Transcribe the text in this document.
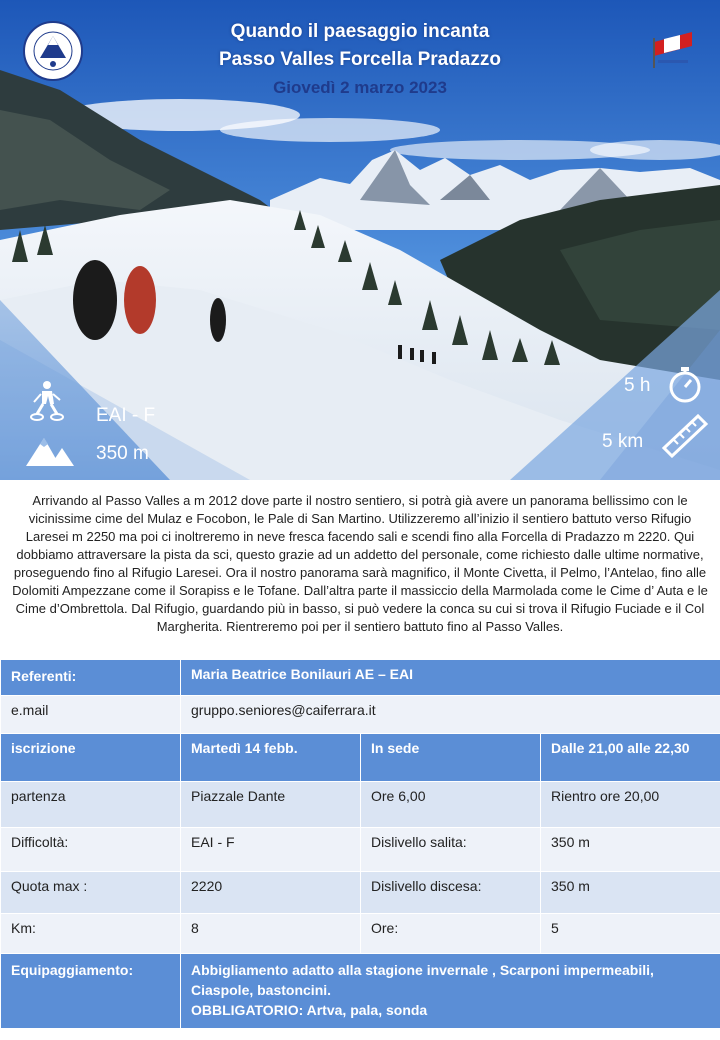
Quando il paesaggio incanta
Passo Valles Forcella Pradazzo
Giovedì 2 marzo 2023
EAI - F
350 m
5 h
5 km

Arrivando al Passo Valles a m 2012 dove parte il nostro sentiero, si potrà già avere un panorama bellissimo con le vicinissime cime del Mulaz e Focobon, le Pale di San Martino. Utilizzeremo all’inizio il sentiero battuto verso Rifugio Laresei m 2250 ma poi ci inoltreremo in neve fresca facendo sali e scendi fino alla Forcella di Pradazzo m 2220. Qui dobbiamo attraversare la pista da sci, questo grazie ad un addetto del personale, come richiesto dalle ultime normative, proseguendo fino al Rifugio Laresei. Ora il nostro panorama sarà magnifico, il Monte Civetta, il Pelmo, l’Antelao, fino alle Dolomiti Ampezzane come il Sorapiss e le Tofane. Dall’altra parte il massiccio della Marmolada come le Cime d’ Auta e le Cime d’Ombrettola. Dal Rifugio, guardando più in basso, si può vedere la conca su cui si trova il Rifugio Fuciade e il Col Margherita. Rientreremo poi per il sentiero battuto fino al Passo Valles.

Referenti:	Maria Beatrice Bonilauri AE – EAI		
e.mail	gruppo.seniores@caiferrara.it		
iscrizione	Martedì 14 febb.	In sede	Dalle 21,00 alle 22,30
partenza	Piazzale Dante	Ore 6,00	Rientro ore 20,00
Difficoltà:	EAI - F	Dislivello salita:	350 m
Quota max :	2220	Dislivello discesa:	350 m
Km:	8	Ore:	5
Equipaggiamento:	Abbigliamento adatto alla stagione invernale , Scarponi impermeabili,
Ciaspole, bastoncini.
OBBLIGATORIO: Artva, pala, sonda		
